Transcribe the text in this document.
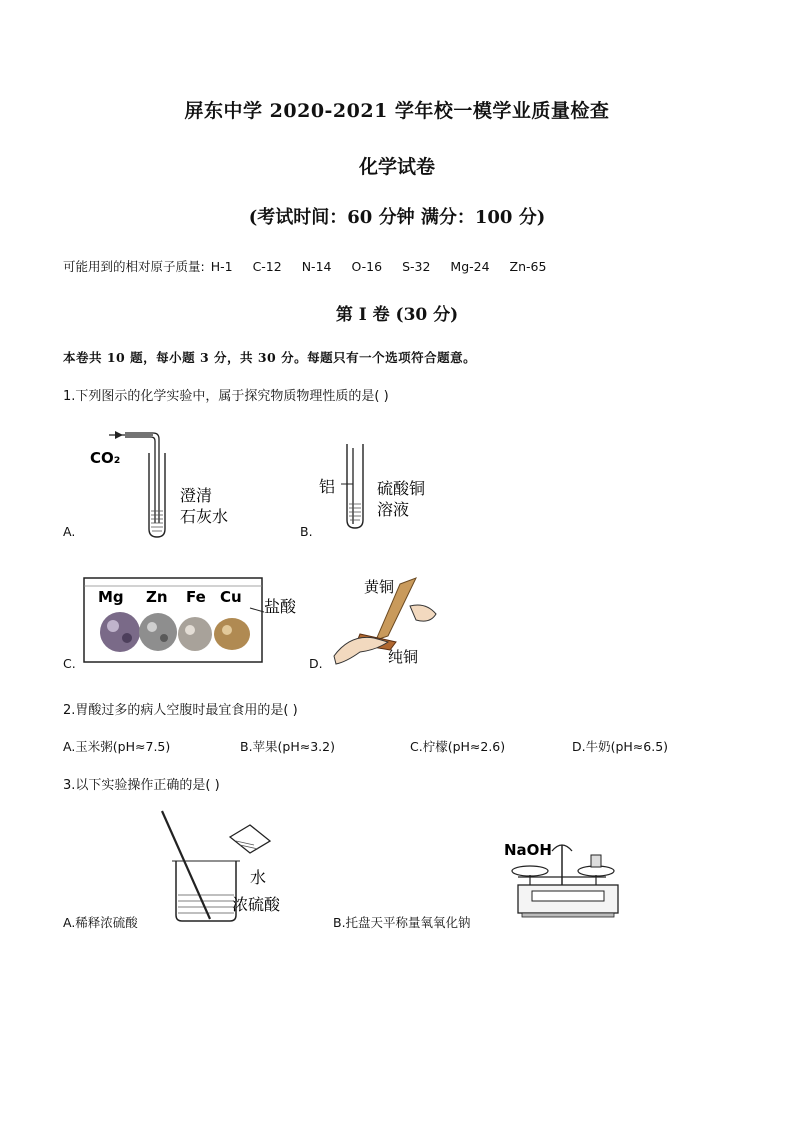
屏东中学 2020-2021 学年校一模学业质量检查
化学试卷
(考试时间：60 分钟 满分：100 分)
可能用到的相对原子质量: H-1 C-12 N-14 O-16 S-32 Mg-24 Zn-65
第 I 卷 (30 分)
本卷共 10 题，每小题 3 分，共 30 分。每题只有一个选项符合题意。
1.下列图示的化学实验中，属于探究物质物理性质的是( )
CO₂
澄清
石灰水
A.
铝	硫酸铜
溶液
B.
Mg Zn Fe Cu 盐酸
C.
黄铜
纯铜
D.
2.胃酸过多的病人空腹时最宜食用的是( )
A.玉米粥(pH≈7.5)	B.苹果(pH≈3.2)	C.柠檬(pH≈2.6)	D.牛奶(pH≈6.5)
3.以下实验操作正确的是( )
水
浓硫酸
A.稀释浓硫酸
NaOH
B.托盘天平称量氧氧化钠
